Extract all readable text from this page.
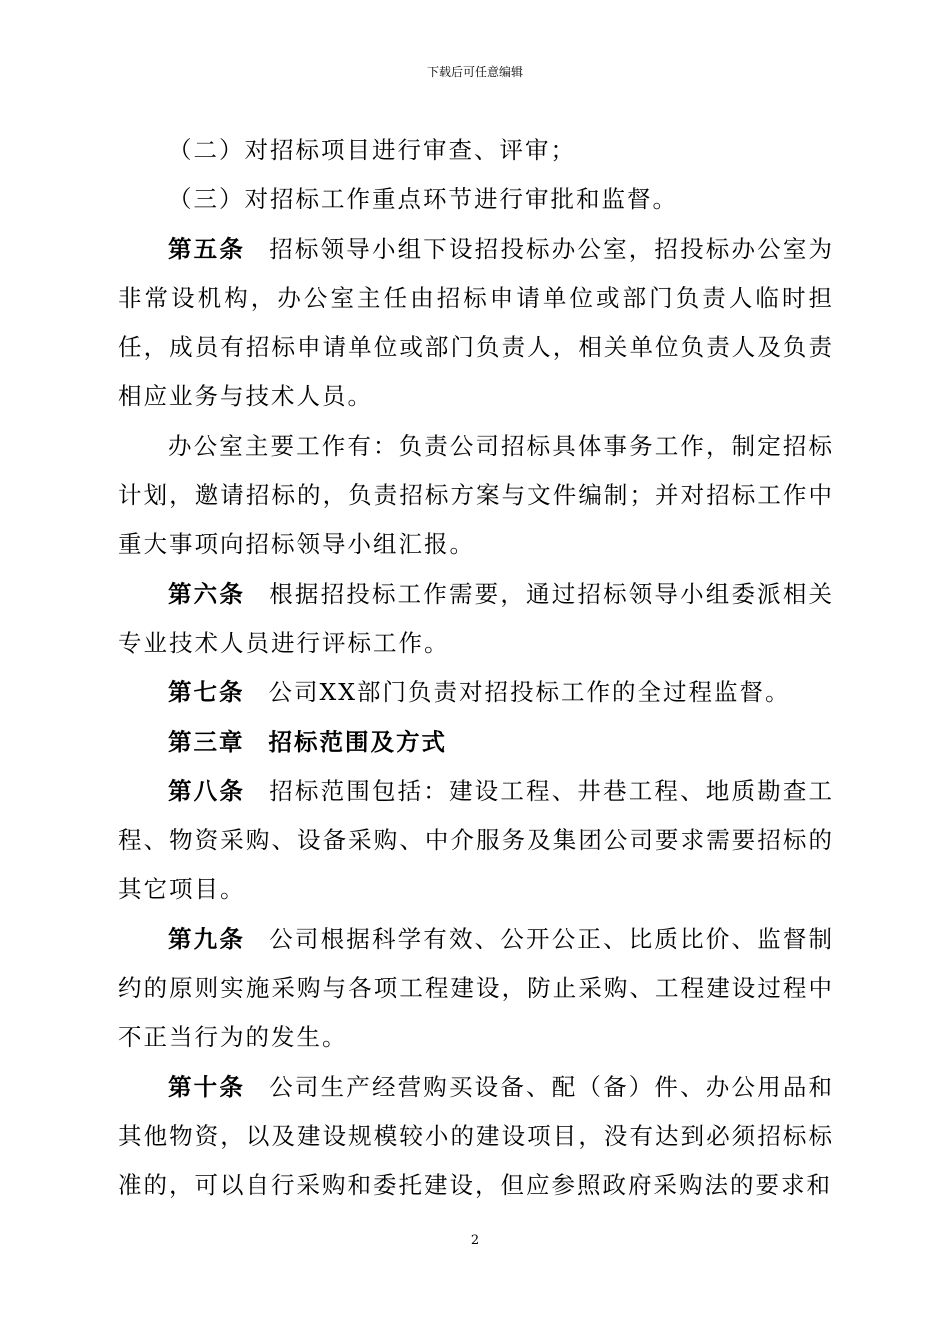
下载后可任意编辑

（二）对招标项目进行审查、评审；

（三）对招标工作重点环节进行审批和监督。

第五条 招标领导小组下设招投标办公室，招投标办公室为非常设机构，办公室主任由招标申请单位或部门负责人临时担任，成员有招标申请单位或部门负责人，相关单位负责人及负责相应业务与技术人员。

办公室主要工作有：负责公司招标具体事务工作，制定招标计划，邀请招标的，负责招标方案与文件编制；并对招标工作中重大事项向招标领导小组汇报。

第六条 根据招投标工作需要，通过招标领导小组委派相关专业技术人员进行评标工作。

第七条 公司XX部门负责对招投标工作的全过程监督。

第三章 招标范围及方式

第八条 招标范围包括：建设工程、井巷工程、地质勘查工程、物资采购、设备采购、中介服务及集团公司要求需要招标的其它项目。

第九条 公司根据科学有效、公开公正、比质比价、监督制约的原则实施采购与各项工程建设，防止采购、工程建设过程中不正当行为的发生。

第十条 公司生产经营购买设备、配（备）件、办公用品和其他物资，以及建设规模较小的建设项目，没有达到必须招标标准的，可以自行采购和委托建设，但应参照政府采购法的要求和

2
